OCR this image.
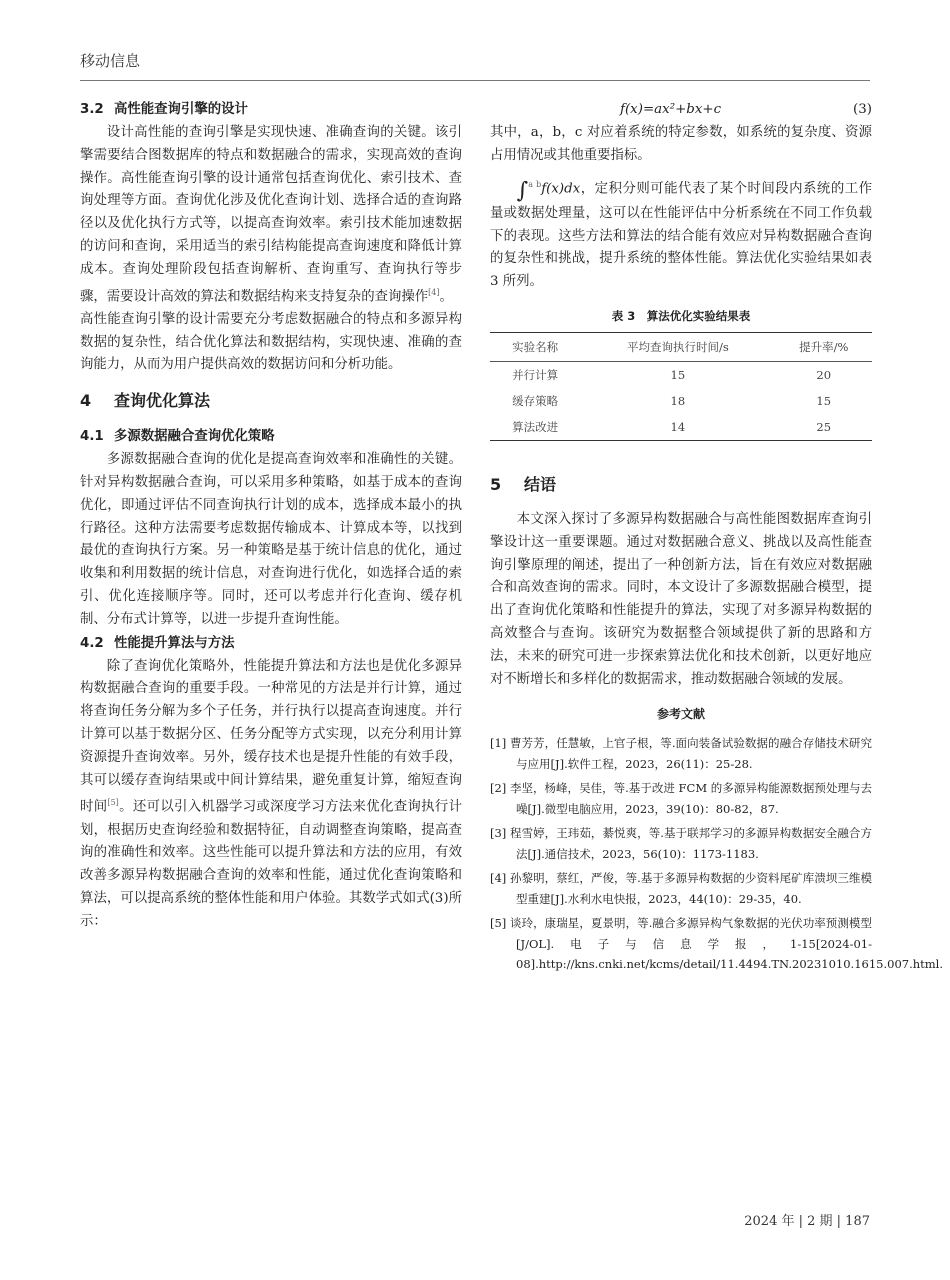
移动信息
3.2 高性能查询引擎的设计

设计高性能的查询引擎是实现快速、准确查询的关键。该引擎需要结合图数据库的特点和数据融合的需求，实现高效的查询操作。高性能查询引擎的设计通常包括查询优化、索引技术、查询处理等方面。查询优化涉及优化查询计划、选择合适的查询路径以及优化执行方式等，以提高查询效率。索引技术能加速数据的访问和查询，采用适当的索引结构能提高查询速度和降低计算成本。查询处理阶段包括查询解析、查询重写、查询执行等步骤，需要设计高效的算法和数据结构来支持复杂的查询操作[4]。

高性能查询引擎的设计需要充分考虑数据融合的特点和多源异构数据的复杂性，结合优化算法和数据结构，实现快速、准确的查询能力，从而为用户提供高效的数据访问和分析功能。

4 查询优化算法
4.1 多源数据融合查询优化策略

多源数据融合查询的优化是提高查询效率和准确性的关键。针对异构数据融合查询，可以采用多种策略，如基于成本的查询优化，即通过评估不同查询执行计划的成本，选择成本最小的执行路径。这种方法需要考虑数据传输成本、计算成本等，以找到最优的查询执行方案。另一种策略是基于统计信息的优化，通过收集和利用数据的统计信息，对查询进行优化，如选择合适的索引、优化连接顺序等。同时，还可以考虑并行化查询、缓存机制、分布式计算等，以进一步提升查询性能。

4.2 性能提升算法与方法

除了查询优化策略外，性能提升算法和方法也是优化多源异构数据融合查询的重要手段。一种常见的方法是并行计算，通过将查询任务分解为多个子任务，并行执行以提高查询速度。并行计算可以基于数据分区、任务分配等方式实现，以充分利用计算资源提升查询效率。另外，缓存技术也是提升性能的有效手段，其可以缓存查询结果或中间计算结果，避免重复计算，缩短查询时间[5]。还可以引入机器学习或深度学习方法来优化查询执行计划，根据历史查询经验和数据特征，自动调整查询策略，提高查询的准确性和效率。这些性能可以提升算法和方法的应用，有效改善多源异构数据融合查询的效率和性能，通过优化查询策略和算法，可以提高系统的整体性能和用户体验。其数学式如式(3)所示：

f(x)=ax²+bx+c	(3)

其中，a，b，c 对应着系统的特定参数，如系统的复杂度、资源占用情况或其他重要指标。

∫$^{a b}$f(x)dx，定积分则可能代表了某个时间段内系统的工作量或数据处理量，这可以在性能评估中分析系统在不同工作负载下的表现。这些方法和算法的结合能有效应对异构数据融合查询的复杂性和挑战，提升系统的整体性能。算法优化实验结果如表 3 所列。

表 3　算法优化实验结果表
实验名称	平均查询执行时间/s	提升率/%
并行计算	15	20
缓存策略	18	15
算法改进	14	25
5 结语

本文深入探讨了多源异构数据融合与高性能图数据库查询引擎设计这一重要课题。通过对数据融合意义、挑战以及高性能查询引擎原理的阐述，提出了一种创新方法，旨在有效应对数据融合和高效查询的需求。同时，本文设计了多源数据融合模型，提出了查询优化策略和性能提升的算法，实现了对多源异构数据的高效整合与查询。该研究为数据整合领域提供了新的思路和方法，未来的研究可进一步探索算法优化和技术创新，以更好地应对不断增长和多样化的数据需求，推动数据融合领域的发展。

参考文献
[1] 曹芳芳，任慧敏，上官子根，等.面向装备试验数据的融合存储技术研究与应用[J].软件工程，2023，26(11)：25-28.
[2] 李坚，杨峰，吴佳，等.基于改进 FCM 的多源异构能源数据预处理与去噪[J].微型电脑应用，2023，39(10)：80-82，87.
[3] 程雪婷，王玮茹，綦悦爽，等.基于联邦学习的多源异构数据安全融合方法[J].通信技术，2023，56(10)：1173-1183.
[4] 孙黎明，蔡红，严俊，等.基于多源异构数据的少资料尾矿库溃坝三维模型重建[J].水利水电快报，2023，44(10)：29-35，40.
[5] 谈玲，康瑞星，夏景明，等.融合多源异构气象数据的光伏功率预测模型[J/OL].电子与信息学报，1-15[2024-01-08].http://kns.cnki.net/kcms/detail/11.4494.TN.20231010.1615.007.html.
2024 年 | 2 期 | 187
